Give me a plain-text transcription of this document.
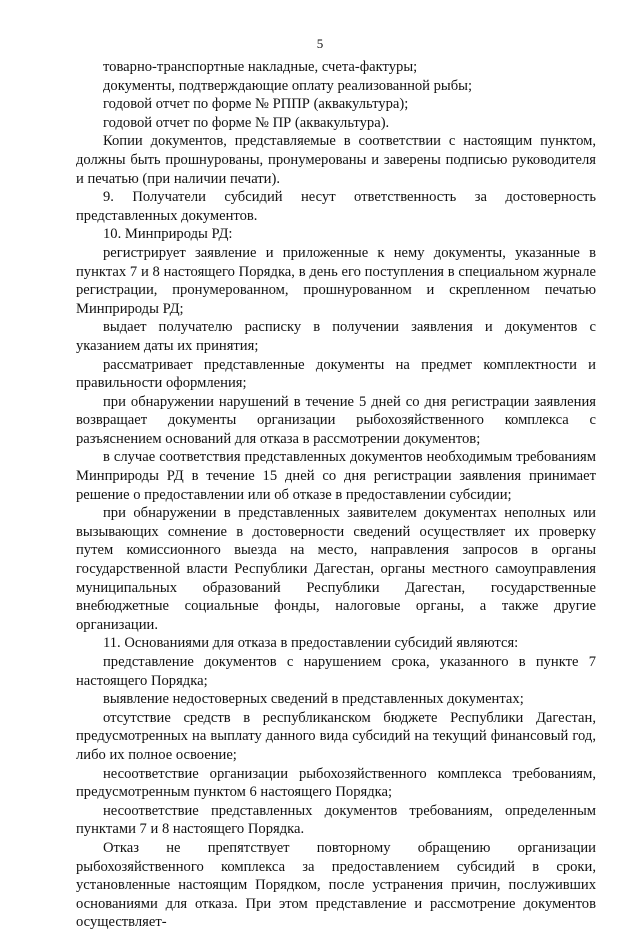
5

товарно-транспортные накладные, счета-фактуры;

документы, подтверждающие оплату реализованной рыбы;

годовой отчет по форме № РППР (аквакультура);

годовой отчет по форме № ПР (аквакультура).

Копии документов, представляемые в соответствии с настоящим пунктом, должны быть прошнурованы, пронумерованы и заверены подписью руководителя и печатью (при наличии печати).

9. Получатели субсидий несут ответственность за достоверность представленных документов.

10. Минприроды РД:

регистрирует заявление и приложенные к нему документы, указанные в пунктах 7 и 8 настоящего Порядка, в день его поступления в специальном журнале регистрации, пронумерованном, прошнурованном и скрепленном печатью Минприроды РД;

выдает получателю расписку в получении заявления и документов с указанием даты их принятия;

рассматривает представленные документы на предмет комплектности и правильности оформления;

при обнаружении нарушений в течение 5 дней со дня регистрации заявления возвращает документы организации рыбохозяйственного комплекса с разъяснением оснований для отказа в рассмотрении документов;

в случае соответствия представленных документов необходимым требованиям Минприроды РД в течение 15 дней со дня регистрации заявления принимает решение о предоставлении или об отказе в предоставлении субсидии;

при обнаружении в представленных заявителем документах неполных или вызывающих сомнение в достоверности сведений осуществляет их проверку путем комиссионного выезда на место, направления запросов в органы государственной власти Республики Дагестан, органы местного самоуправления муниципальных образований Республики Дагестан, государственные внебюджетные социальные фонды, налоговые органы, а также другие организации.

11. Основаниями для отказа в предоставлении субсидий являются:

представление документов с нарушением срока, указанного в пункте 7 настоящего Порядка;

выявление недостоверных сведений в представленных документах;

отсутствие средств в республиканском бюджете Республики Дагестан, предусмотренных на выплату данного вида субсидий на текущий финансовый год, либо их полное освоение;

несоответствие организации рыбохозяйственного комплекса требованиям, предусмотренным пунктом 6 настоящего Порядка;

несоответствие представленных документов требованиям, определенным пунктами 7 и 8 настоящего Порядка.

Отказ не препятствует повторному обращению организации рыбохозяйственного комплекса за предоставлением субсидий в сроки, установленные настоящим Порядком, после устранения причин, послуживших основаниями для отказа. При этом представление и рассмотрение документов осуществляет-
